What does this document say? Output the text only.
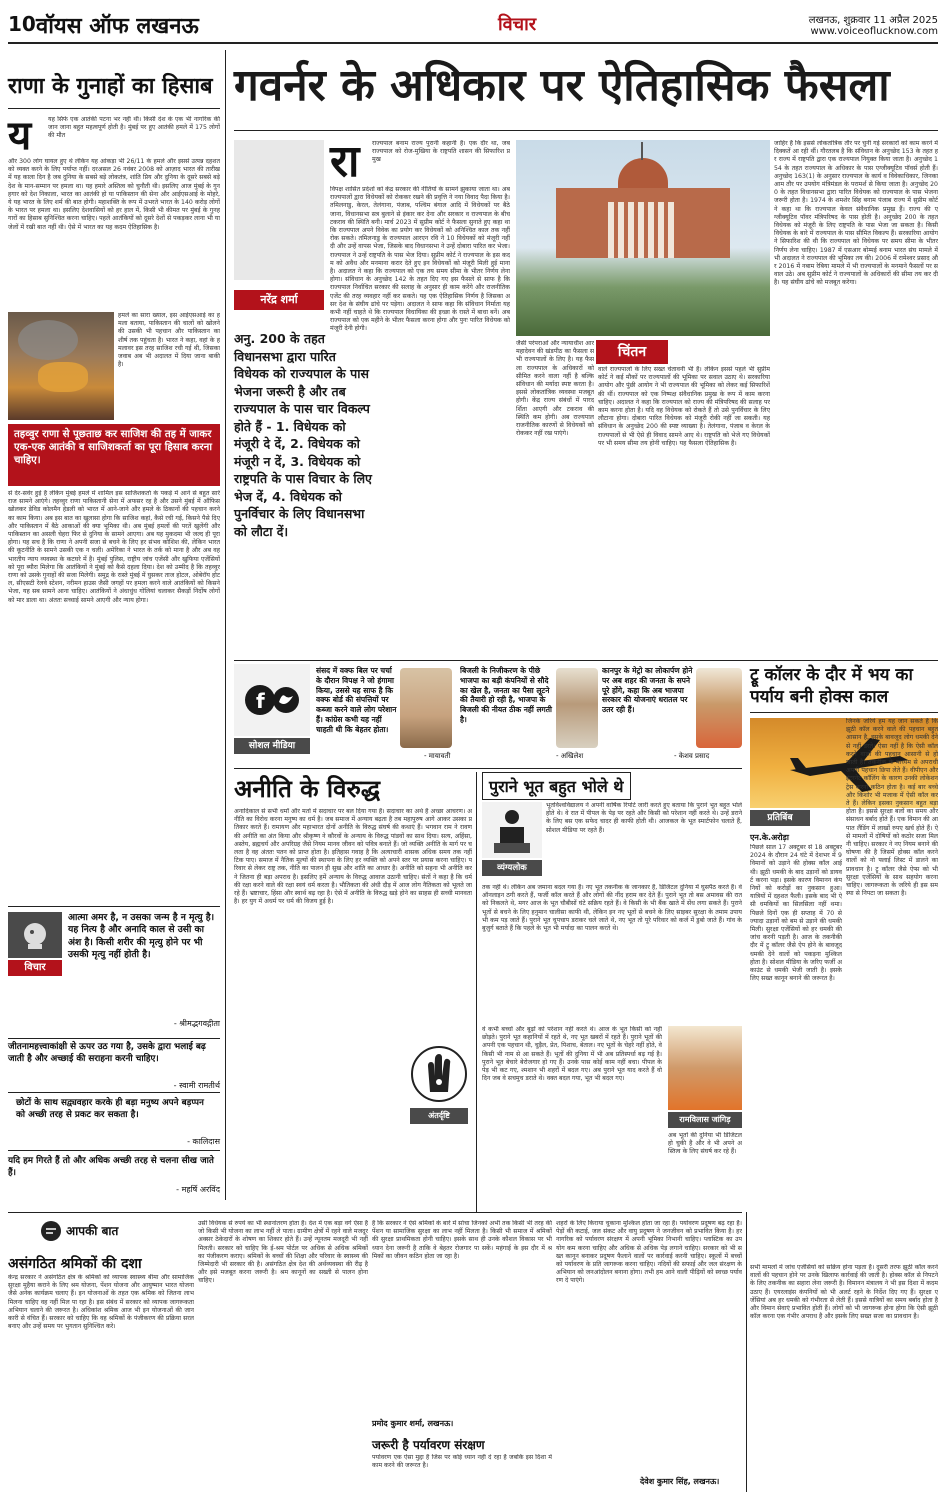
10 वॉयस ऑफ लखनऊ	विचार	लखनऊ, शुक्रवार 11 अप्रैल 2025
www.voiceoflucknow.com
राणा के गुनाहों का हिसाब
य	यह सिर्फ एक आतंकी पटना भर नहीं थी। किसी देश के एक भी नागरिक की जान जाना बहुत महत्वपूर्ण होती है। मुंबई पर हुए आतंकी हमले में 175 लोगों की मौत
और 300 लोग घायल हुए थे लेकिन यह आंकड़ा भी 26/11 के हमले और इससे उत्पन्न दहशत को व्यक्त करने के लिए पर्याप्त नहीं। दरअसल 26 नवंबर 2008 को आज़ाद भारत की तारीख में यह काला दिन है जब दुनिया के सबसे बड़े लोकतंत्र, शांति प्रिय और दुनिया के दूसरे सबसे बड़े देश के मान-सम्मान पर हमला था। यह हमारे अस्तित्व को चुनौती थी। इसलिए आज मुंबई के गुनहगार को देश निकाला, भारत का आतंकी हो या पाकिस्तान की सेना और आईएसआई के मोहरे, ये यह भारत के लिए शर्म की बात होगी। महाशक्ति के रूप में उभरते भारत के 140 करोड़ लोगों के भारत पर हमला था। इसलिए देशवासियों को हर हाल में, किसी भी कीमत पर मुंबई के गुनहगारों का हिसाब सुनिश्चित करना चाहिए। पहले आतंकियों को दूसरे देशों से पकड़कर लाना भी या जेलों में रखी बात नहीं थी। ऐसे में भारत का यह कदम ऐतिहासिक है।
हमले का सारा ख्याल, इस आईएसआई का हमला बताया, पाकिस्तान की चालों को खोलने की उसकी भी पहचान और पाकिस्तान का शीर्ष तक पहुंचता है। भारत ने कहा, वहां के हमलावर इस तरह साजिश रची गई थी, जिसका जवाब अब भी अदालत में दिया जाना बाकी है।
तहव्वुर राणा से पूछताछ कर साजिश की तह में जाकर एक-एक आतंकी व साजिशकर्ता का पूरा हिसाब करना चाहिए।
से देर-सवेर हुई है लेकिन मुंबई हमले में शामिल इस साजिशकर्ता के पकड़े में आने से बहुत सारे राज सामने आएंगे। तहव्वुर राणा पाकिस्तानी सेना में अफसर रह है और उसने मुंबई में ऑफिस खोलकर डेविड कोलमैन हेडली को भारत में आने-जाने और हमले के ठिकानों की पहचान करने का काम किया। अब इस बात का खुलासा होगा कि साजिश कहां, कैसे रची गई, किसने पैसे दिए और पाकिस्तान में बैठे आकाओं की क्या भूमिका थी। अब मुंबई हमलों की परतें खुलेंगी और पाकिस्तान का असली चेहरा फिर से दुनिया के सामने आएगा। अब यह मुकदमा भी जल्द ही पूरा होगा। यह सच है कि राणा ने अपनी सजा से बचने के लिए हर संभव कोशिश की, लेकिन भारत की कूटनीति के सामने उसकी एक न चली। अमेरिका ने भारत के तर्क को माना है और अब वह भारतीय न्याय व्यवस्था के कटघरे में है। मुंबई पुलिस, राष्ट्रीय जांच एजेंसी और खुफिया एजेंसियों को पूरा ब्यौरा मिलेगा कि आतंकियों ने मुंबई को कैसे दहला दिया। देश को उम्मीद है कि तहव्वुर राणा को उसके गुनाहों की सजा मिलेगी। समुद्र के रास्ते मुंबई में घुसकर ताज होटल, ओबेरॉय होटल, सीएसटी रेलवे स्टेशन, नरीमन हाउस जैसी जगहों पर हमला करने वाले आतंकियों को किसने भेजा, यह सब सामने आना चाहिए। आतंकियों ने अंधाधुंध गोलियां चलाकर सैकड़ों निर्दोष लोगों को मार डाला था। अंततः सच्चाई सामने आएगी और न्याय होगा।
विचार
आत्मा अमर है, न उसका जन्म है न मृत्यु है। यह नित्य है और अनादि काल से उसी का अंश है। किसी शरीर की मृत्यु होने पर भी उसकी मृत्यु नहीं होती है।
- श्रीमद्भगवद्गीता
जीतनामहत्त्वाकांक्षी से ऊपर उठ गया है, उसके द्वारा भलाई बढ़ जाती है और अच्छाई की सराहना करनी चाहिए।
- स्वामी रामतीर्थ
छोटों के साथ सद्व्यवहार करके ही बड़ा मनुष्य अपने बड़प्पन को अच्छी तरह से प्रकट कर सकता है।
- कालिदास
यदि हम गिरते हैं तो और अधिक अच्छी तरह से चलना सीख जाते हैं।
- महर्षि अरविंद
गवर्नर के अधिकार पर ऐतिहासिक फैसला
नरेंद्र शर्मा
रा राज्यपाल बनाम राज्य पुरानी कहानी है। एक दौर था, जब राज्यपाल को रोज-मुखिया के राष्ट्रपति शासन की सिफारिश प्रमुख
विपक्ष शासित प्रदेशों को केंद्र सरकार की नीतियों के सामने झुकाया जाता था। अब राज्यपालों द्वारा विधेयकों को रोककर रखने की प्रवृत्ति ने नया विवाद पैदा किया है। तमिलनाडु, केरल, तेलंगाना, पंजाब, पश्चिम बंगाल आदि में विधेयकों पर बैठे जाना, विधानसभा सत्र बुलाने से इंकार कर देना और सरकार व राज्यपाल के बीच टकराव की स्थिति बनी। मार्च 2023 में सुप्रीम कोर्ट ने फैसला सुनाते हुए कहा था कि राज्यपाल अपने विवेक का प्रयोग कर विधेयकों को अनिश्चित काल तक नहीं रोक सकते। तमिलनाडु के राज्यपाल आरएन रवि ने 10 विधेयकों को मंजूरी नहीं दी और उन्हें वापस भेजा, जिसके बाद विधानसभा ने उन्हें दोबारा पारित कर भेजा। राज्यपाल ने उन्हें राष्ट्रपति के पास भेज दिया। सुप्रीम कोर्ट ने राज्यपाल के इस कदम को अवैध और मनमाना करार देते हुए इन विधेयकों को मंजूरी मिली हुई माना है। अदालत ने कहा कि राज्यपाल को एक तय समय सीमा के भीतर निर्णय लेना होगा। संविधान के अनुच्छेद 142 के तहत दिए गए इस फैसले से साफ है कि राज्यपाल निर्वाचित सरकार की सलाह के अनुसार ही काम करेंगे और राजनीतिक एजेंट की तरह व्यवहार नहीं कर सकते। यह एक ऐतिहासिक निर्णय है जिसका असर देश के संघीय ढांचे पर पड़ेगा। अदालत ने साफ कहा कि संविधान निर्माता यह कभी नहीं चाहते थे कि राज्यपाल विधायिका की इच्छा के रास्ते में बाधा बनें। अब राज्यपाल को एक महीने के भीतर फैसला करना होगा और पुनः पारित विधेयक को मंजूरी देनी होगी।
अनु. 200 के तहत विधानसभा द्वारा पारित विधेयक को राज्यपाल के पास भेजना जरूरी है और तब राज्यपाल के पास चार विकल्प होते हैं - 1. विधेयक को मंजूरी दे दें, 2. विधेयक को मंजूरी न दें, 3. विधेयक को राष्ट्रपति के पास विचार के लिए भेज दें, 4. विधेयक को पुनर्विचार के लिए विधानसभा को लौटा दें।
चिंतन
जैसी परंपराओं और न्यायाधीश आर महादेवन की खंडपीठ का फैसला सभी राज्यपालों के लिए है। यह फैसला राज्यपाल के अधिकारों को सीमित करने वाला नहीं है बल्कि संविधान की मर्यादा स्पष्ट करता है। इससे लोकतांत्रिक व्यवस्था मजबूत होगी। केंद्र राज्य संबंधों में पारदर्शिता आएगी और टकराव की स्थिति कम होगी। अब राज्यपाल राजनीतिक कारणों से विधेयकों को रोककर नहीं रख पाएंगे।
वाले राज्यपालों के लिए सख्त चेतावनी भी है। लेकिन इससे पहले भी सुप्रीम कोर्ट ने कई मौकों पर राज्यपालों की भूमिका पर सवाल उठाए थे। सरकारिया आयोग और पुंछी आयोग ने भी राज्यपाल की भूमिका को लेकर कई सिफारिशें की थीं। राज्यपाल को एक निष्पक्ष संवैधानिक प्रमुख के रूप में काम करना चाहिए। अदालत ने कहा कि राज्यपाल को राज्य की मंत्रिपरिषद की सलाह पर काम करना होता है। यदि वह विधेयक को रोकते हैं तो उसे पुनर्विचार के लिए लौटाना होगा। दोबारा पारित विधेयक को मंजूरी रोकी नहीं जा सकती। यह संविधान के अनुच्छेद 200 की स्पष्ट व्याख्या है। तेलंगाना, पंजाब व केरल के राज्यपालों से भी ऐसे ही विवाद सामने आए थे। राष्ट्रपति को भेजे गए विधेयकों पर भी समय सीमा तय होनी चाहिए। यह फैसला ऐतिहासिक है।
जाहिर है कि इससे लोकतांत्रिक तौर पर चुनी गई सरकारों को काम करने में दिक्कतें आ रही थीं। गौरतलब है कि संविधान के अनुच्छेद 153 के तहत हर राज्य में राष्ट्रपति द्वारा एक राज्यपाल नियुक्त किया जाता है। अनुच्छेद 154 के तहत राज्यपाल के अधिकार के पास एग्जीक्यूटिव पॉवर्स होती हैं। अनुच्छेद 163(1) के अनुसार राज्यपाल के कार्य व विवेकाधिकार, जिनका आम तौर पर उपयोग मंत्रिमंडल के परामर्श से किया जाता है। अनुच्छेद 200 के तहत विधानसभा द्वारा पारित विधेयक को राज्यपाल के पास भेजना जरूरी होता है। 1974 के शमशेर सिंह बनाम पंजाब राज्य में सुप्रीम कोर्ट ने कहा था कि राज्यपाल केवल संवैधानिक प्रमुख हैं। राज्य की एग्जीक्यूटिव पॉवर मंत्रिपरिषद के पास होती है। अनुच्छेद 200 के तहत विधेयक को मंजूरी के लिए राष्ट्रपति के पास भेजा जा सकता है। किसी विधेयक के बारे में राज्यपाल के पास सीमित विकल्प हैं। सरकारिया आयोग ने सिफारिश की थी कि राज्यपाल को विधेयक पर समय सीमा के भीतर निर्णय लेना चाहिए। 1987 में एसआर बोम्मई बनाम भारत संघ मामले में भी अदालत ने राज्यपाल की भूमिका तय की। 2006 में रामेश्वर प्रसाद और 2016 में नबाम रेबिया मामले में भी राज्यपालों के मनमाने फैसलों पर सवाल उठे। अब सुप्रीम कोर्ट ने राज्यपालों के अधिकारों की सीमा तय कर दी है। यह संघीय ढांचे को मजबूत करेगा।
f
सोशल मीडिया
संसद में वक्फ बिल पर चर्चा के दौरान विपक्ष ने जो हंगामा किया, उससे यह साफ है कि वक्फ बोर्ड की संपत्तियों पर कब्जा करने वाले लोग परेशान हैं। कांग्रेस कभी यह नहीं चाहती थी कि बेहतर होता।
- मायावती
बिजली के निजीकरण के पीछे भाजपा का बड़ी कंपनियों से सौदे का खेल है, जनता का पैसा लूटने की तैयारी हो रही है, भाजपा के बिजली की नीयत ठीक नहीं लगती है।
- अखिलेश
कानपुर के मेट्रो का लोकार्पण होने पर अब शहर की जनता के सपने पूरे होंगे, कहा कि अब भाजपा सरकार की योजनाएं धरातल पर उतर रही हैं।
- केशव प्रसाद
ट्रू कॉलर के दौर में भय का पर्याय बनी होक्स काल
प्रतिबिंब
एन.के.अरोड़ा
पिछले साल 17 अक्टूबर से 18 अक्टूबर 2024 के दौरान 24 घंटे में देशभर में 9 विमानों को उड़ाने की होक्स कॉल आई थी। झूठी धमकी के बाद उड़ानों को डायवर्ट करना पड़ा। इसके कारण विमानन कंपनियों को करोड़ों का नुकसान हुआ। यात्रियों में दहशत फैली। इसके बाद भी ऐसी धमकियों का सिलसिला नहीं थमा। पिछले दिनों एक ही सप्ताह में 70 से ज्यादा उड़ानों को बम से उड़ाने की धमकी मिली। सुरक्षा एजेंसियों को हर धमकी की जांच करनी पड़ती है। आज के तकनीकी दौर में ट्रू कॉलर जैसे ऐप होने के बावजूद धमकी देने वालों को पकड़ना मुश्किल होता है। सोशल मीडिया के जरिए फर्जी अकाउंट से धमकी भेजी जाती है। इसके लिए सख्त कानून बनाने की जरूरत है।
जिनके जरिये हम यह जान सकते हैं कि झूठी कॉल करने वाले की पहचान बहुत आसान है, इसके बावजूद लोग धमकी देने से नहीं डरते। ऐसा नहीं है कि ऐसी कॉल करने वालों की पहचान आसानी से हो जाती है। तकनीक के माध्यम से अपराधी अपनी पहचान छिपा लेते हैं। वीपीएन और इंटरनेट कॉलिंग के कारण उनकी लोकेशन ट्रेस करना कठिन होता है। कई बार बच्चे और किशोर भी मजाक में ऐसी कॉल करते हैं। लेकिन इसका नुकसान बहुत बड़ा होता है। इससे सुरक्षा बलों का समय और संसाधन बर्बाद होते हैं। एक विमान की आपात लैंडिंग में लाखों रुपए खर्च होते हैं। ऐसे मामलों में दोषियों को कठोर सजा मिलनी चाहिए। सरकार ने नए नियम बनाने की घोषणा की है जिसमें होक्स कॉल करने वालों को नो फ्लाई लिस्ट में डालने का प्रावधान है। ट्रू कॉलर जैसे ऐप्स को भी सुरक्षा एजेंसियों के साथ सहयोग करना चाहिए। जागरूकता के जरिये ही इस समस्या से निपटा जा सकता है।
अनीति के विरुद्ध
अनादिकाल से सभी धर्मों और मतों में सदाचार पर बल दिया गया है। सदाचार का अर्थ है अच्छा आचरण। अनीति का विरोध करना मनुष्य का धर्म है। जब समाज में अन्याय बढ़ता है तब महापुरुष आगे आकर उसका प्रतिकार करते हैं। रामायण और महाभारत दोनों अनीति के विरुद्ध संघर्ष की कथाएं हैं। भगवान राम ने रावण की अनीति का अंत किया और श्रीकृष्ण ने कौरवों के अन्याय के विरुद्ध पांडवों का साथ दिया। सत्य, अहिंसा, अस्तेय, ब्रह्मचर्य और अपरिग्रह जैसे नियम मानव जीवन को पवित्र बनाते हैं। जो व्यक्ति अनीति के मार्ग पर चलता है वह अंततः पतन को प्राप्त होता है। इतिहास गवाह है कि अत्याचारी शासक अधिक समय तक नहीं टिक पाए। समाज में नैतिक मूल्यों की स्थापना के लिए हर व्यक्ति को अपने स्तर पर प्रयास करना चाहिए। परिवार से लेकर राष्ट्र तक, नीति का पालन ही सुख और शांति का आधार है। अनीति को सहना भी अनीति करने जितना ही बड़ा अपराध है। इसलिए हमें अन्याय के विरुद्ध आवाज उठानी चाहिए। संतों ने कहा है कि धर्म की रक्षा करने वाले की रक्षा स्वयं धर्म करता है। भौतिकता की अंधी दौड़ में आज लोग नैतिकता को भूलते जा रहे हैं। भ्रष्टाचार, हिंसा और स्वार्थ बढ़ रहा है। ऐसे में अनीति के विरुद्ध खड़े होने का साहस ही सच्ची मानवता है। हर युग में अधर्म पर धर्म की विजय हुई है।
अंतर्दृष्टि
पुराने भूत बहुत भोले थे
व्यंग्यलोक
भूतविश्वविद्यालय ने अपनी वार्षिक रिपोर्ट जारी करते हुए बताया कि पुराने भूत बहुत भोले होते थे। वे रात में पीपल के पेड़ पर रहते और किसी को परेशान नहीं करते थे। उन्हें डराने के लिए बस एक सफेद चादर ही काफी होती थी। आजकल के भूत स्मार्टफोन चलाते हैं, सोशल मीडिया पर रहते हैं।
तक नहीं थे। लेकिन अब जमाना बदल गया है। नए भूत तकनीक के जानकार हैं, डिजिटल दुनिया में घुसपैठ करते हैं। वे ऑनलाइन ठगी करते हैं, फर्जी कॉल करते हैं और लोगों की नींद हराम कर देते हैं। पुराने भूत तो बस अमावस की रात को निकलते थे, मगर आज के भूत चौबीसों घंटे सक्रिय रहते हैं। वे किसी के भी बैंक खाते में सेंध लगा सकते हैं। पुराने भूतों से बचने के लिए हनुमान चालीसा काफी थी, लेकिन इन नए भूतों से बचने के लिए साइबर सुरक्षा के तमाम उपाय भी कम पड़ जाते हैं। पुराने भूत चुपचाप डराकर चले जाते थे, नए भूत तो पूरे परिवार को कर्ज में डुबो जाते हैं। गांव के बुजुर्ग बताते हैं कि पहले के भूत भी मर्यादा का पालन करते थे।
वे कभी बच्चों और बूढ़ों को परेशान नहीं करते थे। आज के भूत किसी को नहीं छोड़ते। पुराने भूत कहानियों में रहते थे, नए भूत खबरों में रहते हैं। पुराने भूतों की अपनी एक पहचान थी, चुड़ैल, प्रेत, पिशाच, बेताल। नए भूतों के चेहरे नहीं होते, वे किसी भी नाम से आ सकते हैं। भूतों की दुनिया में भी अब प्रतिस्पर्धा बढ़ गई है। पुराने भूत बेचारे बेरोजगार हो गए हैं। उनके पास कोई काम नहीं बचा। पीपल के पेड़ भी कट गए, श्मशान भी शहरों में बदल गए। अब पुराने भूत याद करते हैं वो दिन जब वे सचमुच डराते थे। वक्त बदल गया, भूत भी बदल गए।
रामविलास जांगिड़
अब भूतों की दुनिया भी डिजिटल हो चुकी है और वे भी अपने अस्तित्व के लिए संघर्ष कर रहे हैं।
आपकी बात
असंगठित श्रमिकों की दशा
केन्द्र सरकार ने असंगठित क्षेत्र के श्रमिकों को व्यापक स्वास्थ्य बीमा और सामाजिक सुरक्षा मुहैया कराने के लिए श्रम योजना, पेंशन योजना और आयुष्मान भारत योजना जैसे अनेक कार्यक्रम चलाए हैं। इन योजनाओं के तहत एक श्रमिक को जितना लाभ मिलना चाहिए वह नहीं मिल पा रहा है। इस संबंध में सरकार को व्यापक जागरूकता अभियान चलाने की जरूरत है। अधिकांश श्रमिक आज भी इन योजनाओं की जानकारी से वंचित हैं। सरकार को चाहिए कि वह श्रमिकों के पंजीकरण की प्रक्रिया सरल बनाए और उन्हें समय पर भुगतान सुनिश्चित करे।
उसी विधेयक से रुपये का भी स्थानांतरण होता है। देश में एक बड़ा वर्ग ऐसा है जो किसी भी योजना का लाभ नहीं ले पाता। ग्रामीण क्षेत्रों में रहने वाले मजदूर अक्सर ठेकेदारों के शोषण का शिकार होते हैं। उन्हें न्यूनतम मजदूरी भी नहीं मिलती। सरकार को चाहिए कि ई-श्रम पोर्टल पर अधिक से अधिक श्रमिकों का पंजीकरण कराए। श्रमिकों के बच्चों की शिक्षा और परिवार के स्वास्थ्य की जिम्मेदारी भी सरकार की है। असंगठित क्षेत्र देश की अर्थव्यवस्था की रीढ़ है और इसे मजबूत करना जरूरी है। श्रम कानूनों का सख्ती से पालन होना चाहिए।
प्रमोद कुमार शर्मा, लखनऊ।
है कि सरकार ने ऐसे श्रमिकों के बारे में सोचा जिनको अभी तक किसी भी तरह की पेंशन या सामाजिक सुरक्षा का लाभ नहीं मिलता है। किसी भी समाज में श्रमिकों की सुरक्षा प्राथमिकता होनी चाहिए। इसके साथ ही उनके कौशल विकास पर भी ध्यान देना जरूरी है ताकि वे बेहतर रोजगार पा सकें। महंगाई के इस दौर में श्रमिकों का जीवन कठिन होता जा रहा है।
जरूरी है पर्यावरण संरक्षण
पर्यावरण एक ऐसा मुद्दा है जिस पर कोई ध्यान नहीं दे रहा है जबकि इस दिशा में काम करने की जरूरत है।
शहरों के लिए किराया चुकाना मुश्किल होता जा रहा है। पर्यावरण प्रदूषण बढ़ रहा है। पेड़ों की कटाई, जल संकट और वायु प्रदूषण ने जनजीवन को प्रभावित किया है। हर नागरिक को पर्यावरण संरक्षण में अपनी भूमिका निभानी चाहिए। प्लास्टिक का उपयोग कम करना चाहिए और अधिक से अधिक पेड़ लगाने चाहिए। सरकार को भी सख्त कानून बनाकर प्रदूषण फैलाने वालों पर कार्रवाई करनी चाहिए। स्कूलों में बच्चों को पर्यावरण के प्रति जागरूक करना चाहिए। नदियों की सफाई और जल संरक्षण के अभियान को जनआंदोलन बनाना होगा। तभी हम आने वाली पीढ़ियों को स्वच्छ पर्यावरण दे पाएंगे।
देवेश कुमार सिंह, लखनऊ।
सभी मामलों में जांच एजेंसियों को सक्रिय होना पड़ता है। दूसरी तरफ झूठी कॉल करने वालों की पहचान होने पर उनके खिलाफ कार्रवाई की जाती है। होक्स कॉल से निपटने के लिए तकनीक का सहारा लेना जरूरी है। विमानन मंत्रालय ने भी इस दिशा में कदम उठाए हैं। एयरलाइंस कंपनियों को भी अलर्ट रहने के निर्देश दिए गए हैं। सुरक्षा एजेंसियां अब हर धमकी को गंभीरता से लेती हैं। इससे यात्रियों का समय बर्बाद होता है और विमान सेवाएं प्रभावित होती हैं। लोगों को भी जागरूक होना होगा कि ऐसी झूठी कॉल करना एक गंभीर अपराध है और इसके लिए सख्त सजा का प्रावधान है।
